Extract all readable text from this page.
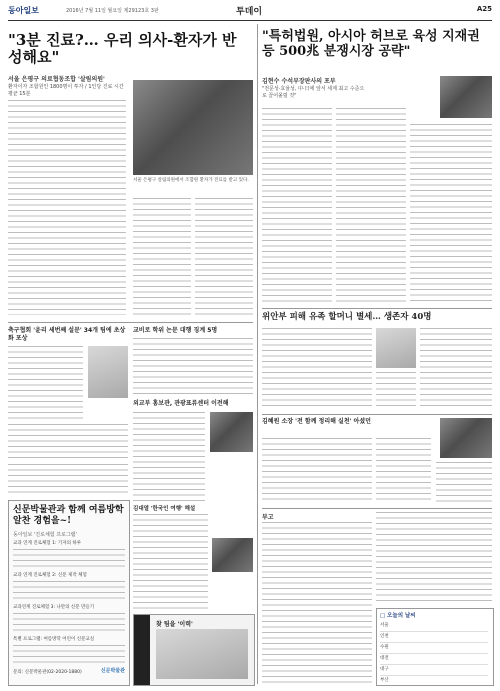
동아일보	2016년 7월 11일 월요일 제29123호 3판	투데이	A25
"3분 진료?… 우리 의사-환자가 반성해요"
서울 은평구 의료협동조합 '살림의원'
환자이자 조합원인 1800명이 투자 / 1인당 진료 시간 평균 15분
서울 은평구 살림의원에서 조합원 환자가 진료를 받고 있다.
"특허법원, 아시아 허브로 육성 지재권 등 500兆 분쟁시장 공략"
김현수 수석부장판사의 포부
"전문성·효율성, 中·日에 앞서 세계 최고 수준으로 끌어올릴 것"
축구협회 '윤리 세번째 설문' 34개 팀에 초상화 포상
교비로 학위 논문 대행 징계 5명
외교부 홍보관, 관광표류센터 이전해
김대열 '한국인 여행' 해설
신문박물관과 함께 여름방학 알찬 경험을~!
동아일보 '진로체험 프로그램'
교과 연계 진로체험 1: 기자의 하루
교과 연계 진로체험 2: 신문 제작 체험
교과연계 진로체험 3: 나만의 신문 만들기
특별 프로그램: 여름방학 어린이 신문교실
문의: 신문박물관(02-2020-1880)	신문박물관
찾 팀을 '이력'
위안부 피해 유족 할머니 별세… 생존자 40명
김혜원 소장 '전 함께 정리해 실천' 아셨던
부고
□ 오늘의 날씨
서울
인천
수원
대전
대구
부산
